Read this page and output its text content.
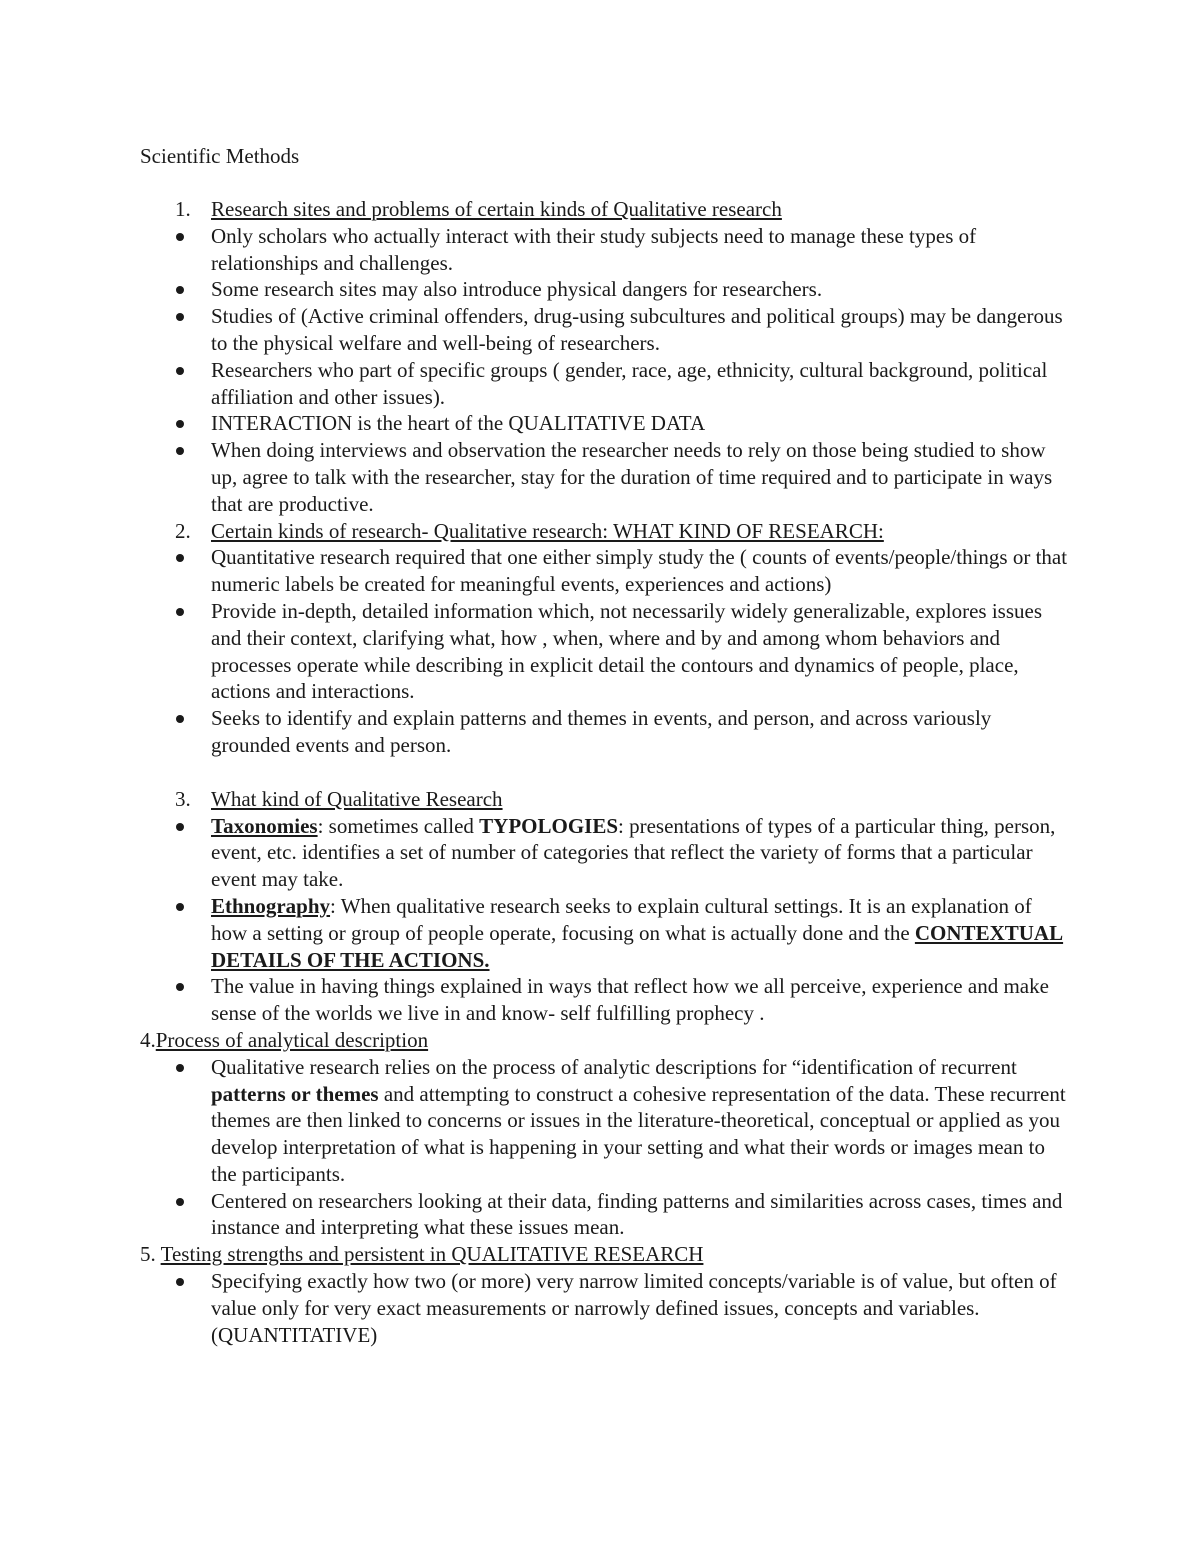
Scientific Methods
1. Research sites and problems of certain kinds of Qualitative research
Only scholars who actually interact with their study subjects need to manage these types of relationships and challenges.
Some research sites may also introduce physical dangers for researchers.
Studies of (Active criminal offenders, drug-using subcultures and political groups) may be dangerous to the physical welfare and well-being of researchers.
Researchers who part of specific groups ( gender, race, age, ethnicity, cultural background, political affiliation and other issues).
INTERACTION is the heart of the QUALITATIVE DATA
When doing interviews and observation the researcher needs to rely on those being studied to show up, agree to talk with the researcher, stay for the duration of time required and to participate in ways that are productive.
2. Certain kinds of research- Qualitative research: WHAT KIND OF RESEARCH:
Quantitative research required that one either simply study the ( counts of events/people/things or that numeric labels be created for meaningful events, experiences and actions)
Provide in-depth, detailed information which, not necessarily widely generalizable, explores issues and their context, clarifying what, how , when, where and by and among whom behaviors and processes operate while describing in explicit detail the contours and dynamics of people, place, actions and interactions.
Seeks to identify and explain patterns and themes in events, and person, and across variously grounded events and person.
3. What kind of Qualitative Research
Taxonomies: sometimes called TYPOLOGIES: presentations of types of a particular thing, person, event, etc. identifies a set of number of categories that reflect the variety of forms that a particular event may take.
Ethnography: When qualitative research seeks to explain cultural settings. It is an explanation of how a setting or group of people operate, focusing on what is actually done and the CONTEXTUAL DETAILS OF THE ACTIONS.
The value in having things explained in ways that reflect how we all perceive, experience and make sense of the worlds we live in and know- self fulfilling prophecy .
4.Process of analytical description
Qualitative research relies on the process of analytic descriptions for “identification of recurrent patterns or themes and attempting to construct a cohesive representation of the data. These recurrent themes are then linked to concerns or issues in the literature-theoretical, conceptual or applied as you develop interpretation of what is happening in your setting and what their words or images mean to the participants.
Centered on researchers looking at their data, finding patterns and similarities across cases, times and instance and interpreting what these issues mean.
5. Testing strengths and persistent in QUALITATIVE RESEARCH
Specifying exactly how two (or more) very narrow limited concepts/variable is of value, but often of value only for very exact measurements or narrowly defined issues, concepts and variables. (QUANTITATIVE)
